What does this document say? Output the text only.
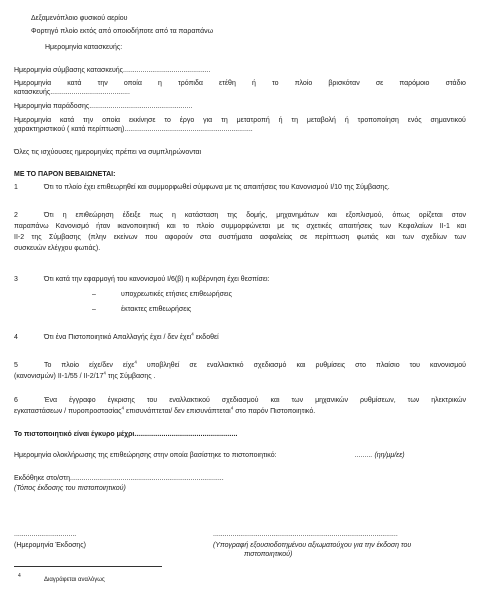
Δεξαμενόπλοιο φυσικού αερίου
Φορτηγό πλοίο εκτός από οποιοδήποτε από τα παραπάνω
Ημερομηνία κατασκευής:
Ημερομηνία σύμβασης κατασκευής.............................................
Ημερομηνία κατά την οποία η τρόπιδα ετέθη ή το πλοίο βρισκόταν σε παρόμοιο στάδιο
κατασκευής.........................................
Ημερομηνία παράδοσης.....................................................
Ημερομηνία κατά την οποία εκκίνησε το έργο για τη μετατροπή ή τη μεταβολή ή τροποποίηση ενός σημαντικού
χαρακτηριστικού ( κατά περίπτωση)..................................................................
Όλες τις ισχύουσες ημερομηνίες πρέπει να συμπληρώνονται
ΜΕ ΤΟ ΠΑΡΟΝ ΒΕΒΑΙΩΝΕΤΑΙ:
1	Ότι το πλοίο έχει επιθεωρηθεί και συμμορφωθεί σύμφωνα με τις απαιτήσεις του Κανονισμού Ι/10 της Σύμβασης.
2	Ότι η επιθεώρηση έδειξε πως η κατάσταση της δομής, μηχανημάτων και εξοπλισμού, όπως ορίζεται στον
παραπάνω Κανονισμό ήταν ικανοποιητική και το πλοίο συμμορφώνεται με τις σχετικές απαιτήσεις των Κεφαλαίων ΙΙ-1 και
ΙΙ-2 της Σύμβασης (πλην εκείνων που αφορούν στα συστήματα ασφαλείας σε περίπτωση φωτιάς και των σχεδίων των
συσκευών ελέγχου φωτιάς).
3	Ότι κατά την εφαρμογή του κανονισμού Ι/6(β) η κυβέρνηση έχει θεσπίσει:
–	υποχρεωτικές ετήσιες επιθεωρήσεις
–	έκτακτες επιθεωρήσεις
4	Ότι ένα Πιστοποιητικό Απαλλαγής έχει / δεν έχει$^4$ εκδοθεί
5	Το πλοίο είχε/δεν είχε$^4$ υποβληθεί σε εναλλακτικό σχεδιασμό και ρυθμίσεις στο πλαίσιο του κανονισμού
(κανονισμών) $II-1/55 / II-2/17^4$ της Σύμβασης .
6	Ένα έγγραφο έγκρισης του εναλλακτικού σχεδιασμού και των μηχανικών ρυθμίσεων, των ηλεκτρικών
εγκαταστάσεων / πυροπροστασίας$^4$ επισυνάπτεται/ δεν επισυνάπτεται$^4$ στο παρόν Πιστοποιητικό.
Το πιστοποιητικό είναι έγκυρο μέχρι.....................................................
Ημερομηνία ολοκλήρωσης της επιθεώρησης στην οποία βασίστηκε το πιστοποιητικό:	......... (ηη/μμ/εε)
Εκδόθηκε στο/στη...............................................................................
(Τόπος έκδοσης του πιστοποιητικού)
................................
(Ημερομηνία Έκδοσης)
...............................................................................................
(Υπογραφή εξουσιοδοτημένου αξιωματούχου για την έκδοση του
πιστοποιητικού)
4
Διαγράφεται αναλόγως
